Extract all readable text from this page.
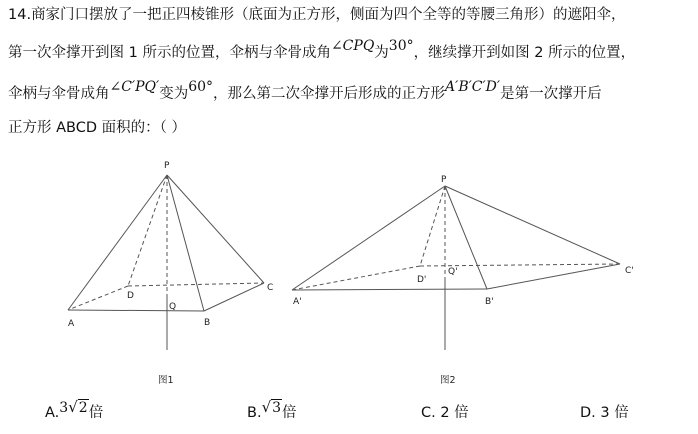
14.商家门口摆放了一把正四棱锥形（底面为正方形，侧面为四个全等的等腰三角形）的遮阳伞，
第一次伞撑开到图 1 所示的位置，伞柄与伞骨成角∠CPQ为30°，继续撑开到如图 2 所示的位置，
伞柄与伞骨成角∠C′PQ′变为60°，那么第二次伞撑开后形成的正方形A′B′C′D′是第一次撑开后
正方形 ABCD 面积的：（ ）
P
A	B
C
D
Q
图1
P
A'	B'
C'
D'
Q'
图2
A.3√2倍	B.√3倍	C. 2 倍	D. 3 倍
